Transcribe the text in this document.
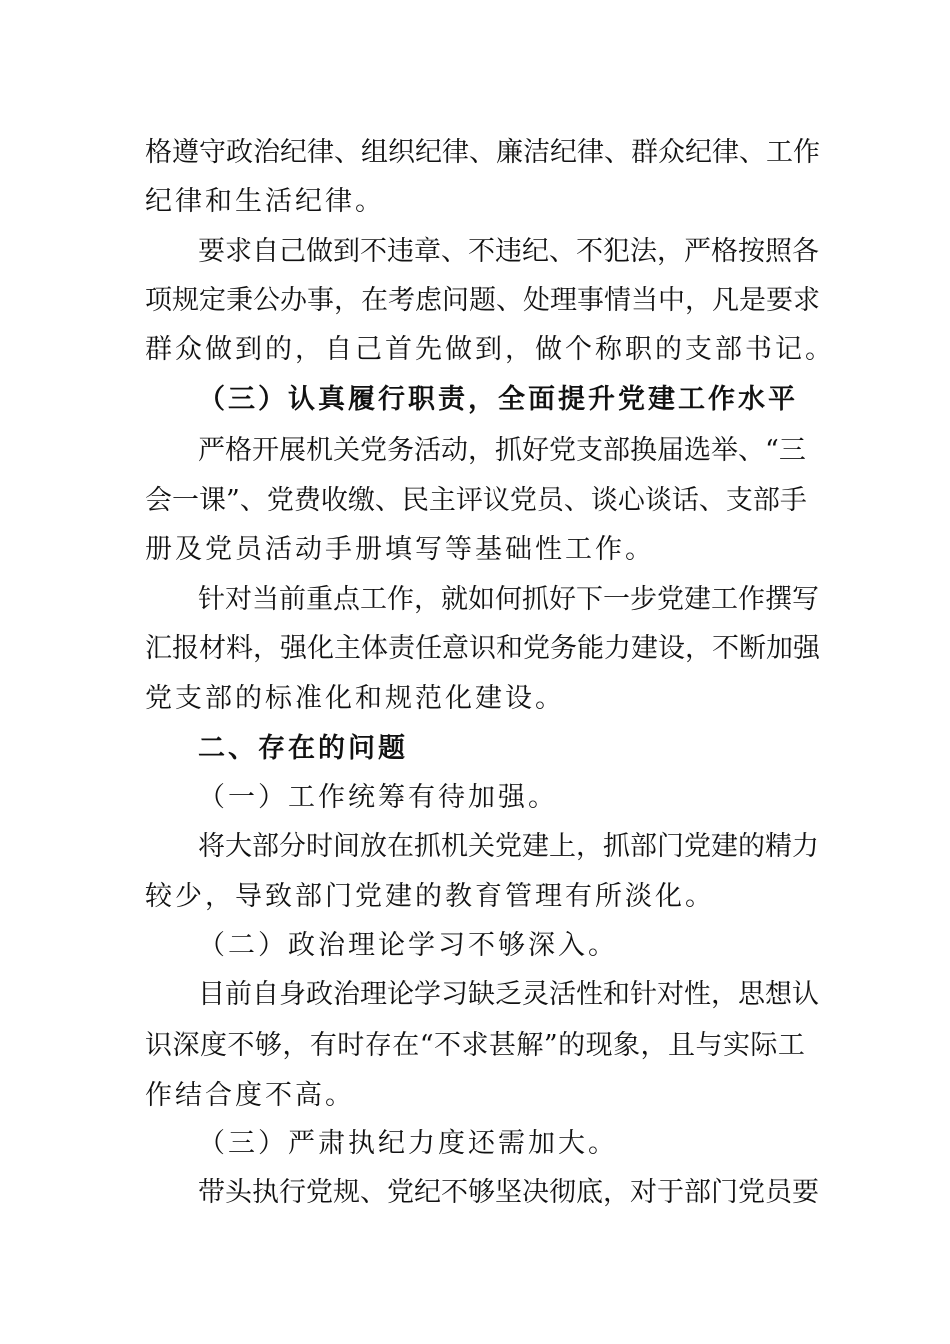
格 遵 守 政 治 纪 律 、 组 织 纪 律 、 廉 洁 纪 律 、 群 众 纪 律 、 工 作
纪律和生活纪律。
要 求 自 己 做 到 不 违 章 、 不 违 纪 、 不 犯 法 ， 严 格 按 照 各
项 规 定 秉 公 办 事 ， 在 考 虑 问 题 、 处 理 事 情 当 中 ， 凡 是 要 求
群众做到的，自己首先做到，做个称职的支部书记。
（三）认真履行职责，全面提升党建工作水平
严 格 开 展 机 关 党 务 活 动 ， 抓 好 党 支 部 换 届 选 举 、 “ 三
会 一 课 ” 、 党 费 收 缴 、 民 主 评 议 党 员 、 谈 心 谈 话 、 支 部 手
册及党员活动手册填写等基础性工作。
针 对 当 前 重 点 工 作 ， 就 如 何 抓 好 下 一 步 党 建 工 作 撰 写
汇 报 材 料 ， 强 化 主 体 责 任 意 识 和 党 务 能 力 建 设 ， 不 断 加 强
党支部的标准化和规范化建设。
二、存在的问题
（一）工作统筹有待加强。
将 大 部 分 时 间 放 在 抓 机 关 党 建 上 ， 抓 部 门 党 建 的 精 力
较少，导致部门党建的教育管理有所淡化。
（二）政治理论学习不够深入。
目 前 自 身 政 治 理 论 学 习 缺 乏 灵 活 性 和 针 对 性 ， 思 想 认
识 深 度 不 够 ， 有 时 存 在 “ 不 求 甚 解 ” 的 现 象 ， 且 与 实 际 工
作结合度不高。
（三）严肃执纪力度还需加大。
带 头 执 行 党 规 、 党 纪 不 够 坚 决 彻 底 ， 对 于 部 门 党 员 要
